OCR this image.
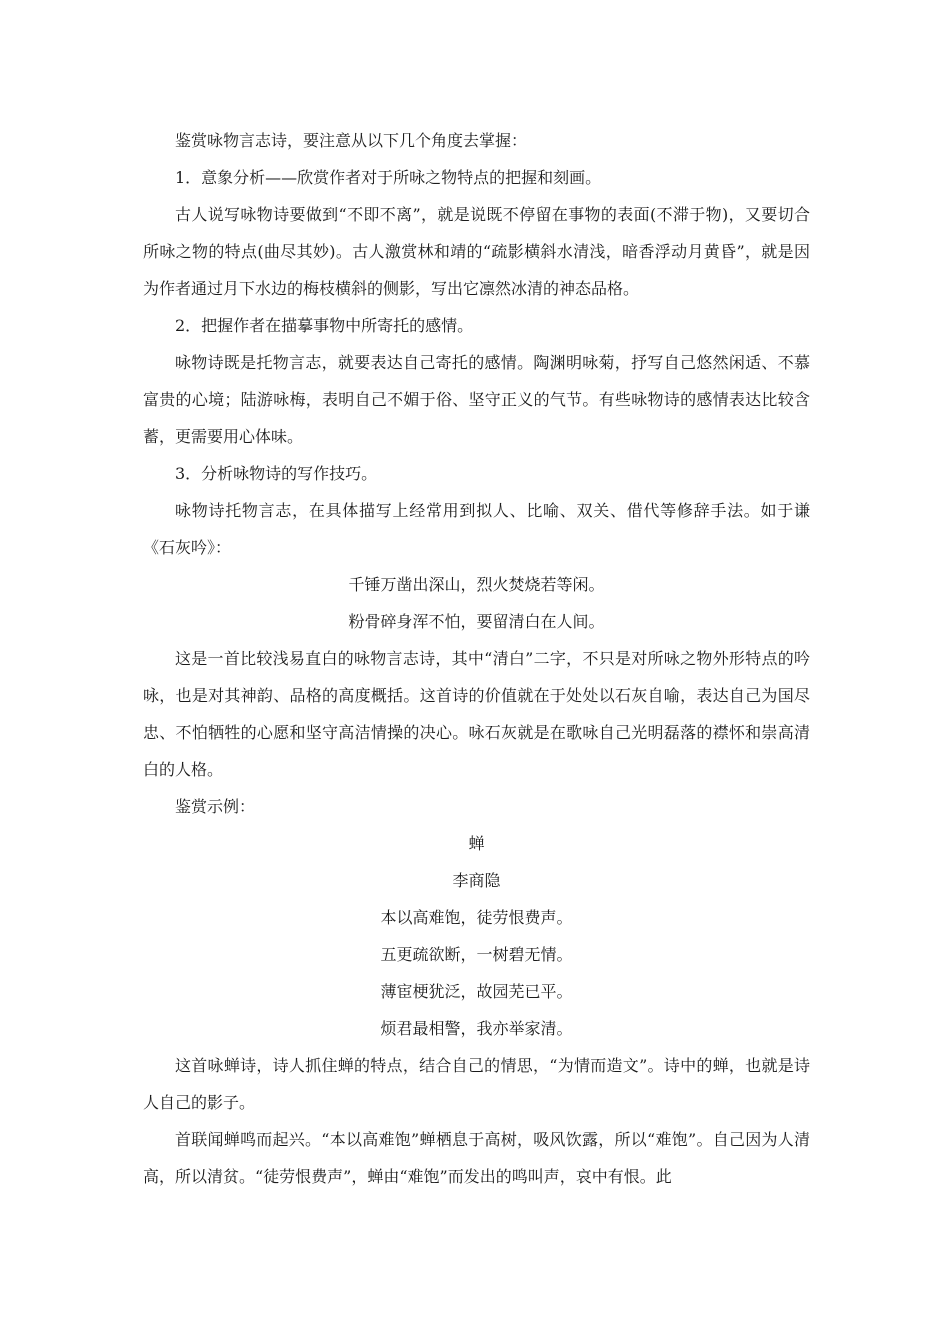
鉴赏咏物言志诗，要注意从以下几个角度去掌握：

1．意象分析——欣赏作者对于所咏之物特点的把握和刻画。

古人说写咏物诗要做到“不即不离”，就是说既不停留在事物的表面(不滞于物)，又要切合所咏之物的特点(曲尽其妙)。古人激赏林和靖的“疏影横斜水清浅，暗香浮动月黄昏”，就是因为作者通过月下水边的梅枝横斜的侧影，写出它凛然冰清的神态品格。

2．把握作者在描摹事物中所寄托的感情。

咏物诗既是托物言志，就要表达自己寄托的感情。陶渊明咏菊，抒写自己悠然闲适、不慕富贵的心境；陆游咏梅，表明自己不媚于俗、坚守正义的气节。有些咏物诗的感情表达比较含蓄，更需要用心体味。

3．分析咏物诗的写作技巧。

咏物诗托物言志，在具体描写上经常用到拟人、比喻、双关、借代等修辞手法。如于谦《石灰吟》：

千锤万凿出深山，烈火焚烧若等闲。

粉骨碎身浑不怕，要留清白在人间。

这是一首比较浅易直白的咏物言志诗，其中“清白”二字，不只是对所咏之物外形特点的吟咏，也是对其神韵、品格的高度概括。这首诗的价值就在于处处以石灰自喻，表达自己为国尽忠、不怕牺牲的心愿和坚守高洁情操的决心。咏石灰就是在歌咏自己光明磊落的襟怀和崇高清白的人格。

鉴赏示例：

蝉

李商隐

本以高难饱，徒劳恨费声。

五更疏欲断，一树碧无情。

薄宦梗犹泛，故园芜已平。

烦君最相警，我亦举家清。

这首咏蝉诗，诗人抓住蝉的特点，结合自己的情思，“为情而造文”。诗中的蝉，也就是诗人自己的影子。

首联闻蝉鸣而起兴。“本以高难饱”蝉栖息于高树，吸风饮露，所以“难饱”。自己因为人清高，所以清贫。“徒劳恨费声”，蝉由“难饱”而发出的鸣叫声，哀中有恨。此
